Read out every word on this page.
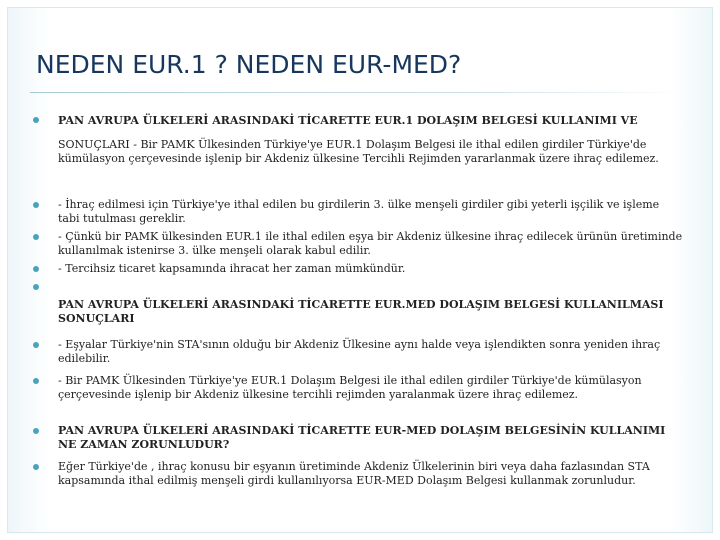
NEDEN EUR.1 ? NEDEN EUR-MED?
PAN AVRUPA ÜLKELERİ ARASINDAKİ TİCARETTE EUR.1 DOLAŞIM BELGESİ KULLANIMI VE
SONUÇLARI - Bir PAMK Ülkesinden Türkiye'ye EUR.1 Dolaşım Belgesi ile ithal edilen girdiler Türkiye'de kümülasyon çerçevesinde işlenip bir Akdeniz ülkesine Tercihli Rejimden yararlanmak üzere ihraç edilemez.
- İhraç edilmesi için Türkiye'ye ithal edilen bu girdilerin 3. ülke menşeli girdiler gibi yeterli işçilik ve işleme tabi tutulması gereklir.
- Çünkü bir PAMK ülkesinden EUR.1 ile ithal edilen eşya bir Akdeniz ülkesine ihraç edilecek ürünün üretiminde kullanılmak istenirse 3. ülke menşeli olarak kabul edilir.
- Tercihsiz ticaret kapsamında ihracat her zaman mümkündür.
PAN AVRUPA ÜLKELERİ ARASINDAKİ TİCARETTE EUR.MED DOLAŞIM BELGESİ KULLANILMASI SONUÇLARI
- Eşyalar Türkiye'nin STA'sının olduğu bir Akdeniz Ülkesine aynı halde veya işlendikten sonra yeniden ihraç edilebilir.
- Bir PAMK Ülkesinden Türkiye'ye EUR.1 Dolaşım Belgesi ile ithal edilen girdiler Türkiye'de kümülasyon çerçevesinde işlenip bir Akdeniz ülkesine tercihli rejimden yaralanmak üzere ihraç edilemez.
PAN AVRUPA ÜLKELERİ ARASINDAKİ TİCARETTE EUR-MED DOLAŞIM BELGESİNİN KULLANIMI NE ZAMAN ZORUNLUDUR?
Eğer Türkiye'de , ihraç konusu bir eşyanın üretiminde Akdeniz Ülkelerinin biri veya daha fazlasından STA kapsamında ithal edilmiş menşeli girdi kullanılıyorsa EUR-MED Dolaşım Belgesi kullanmak zorunludur.
